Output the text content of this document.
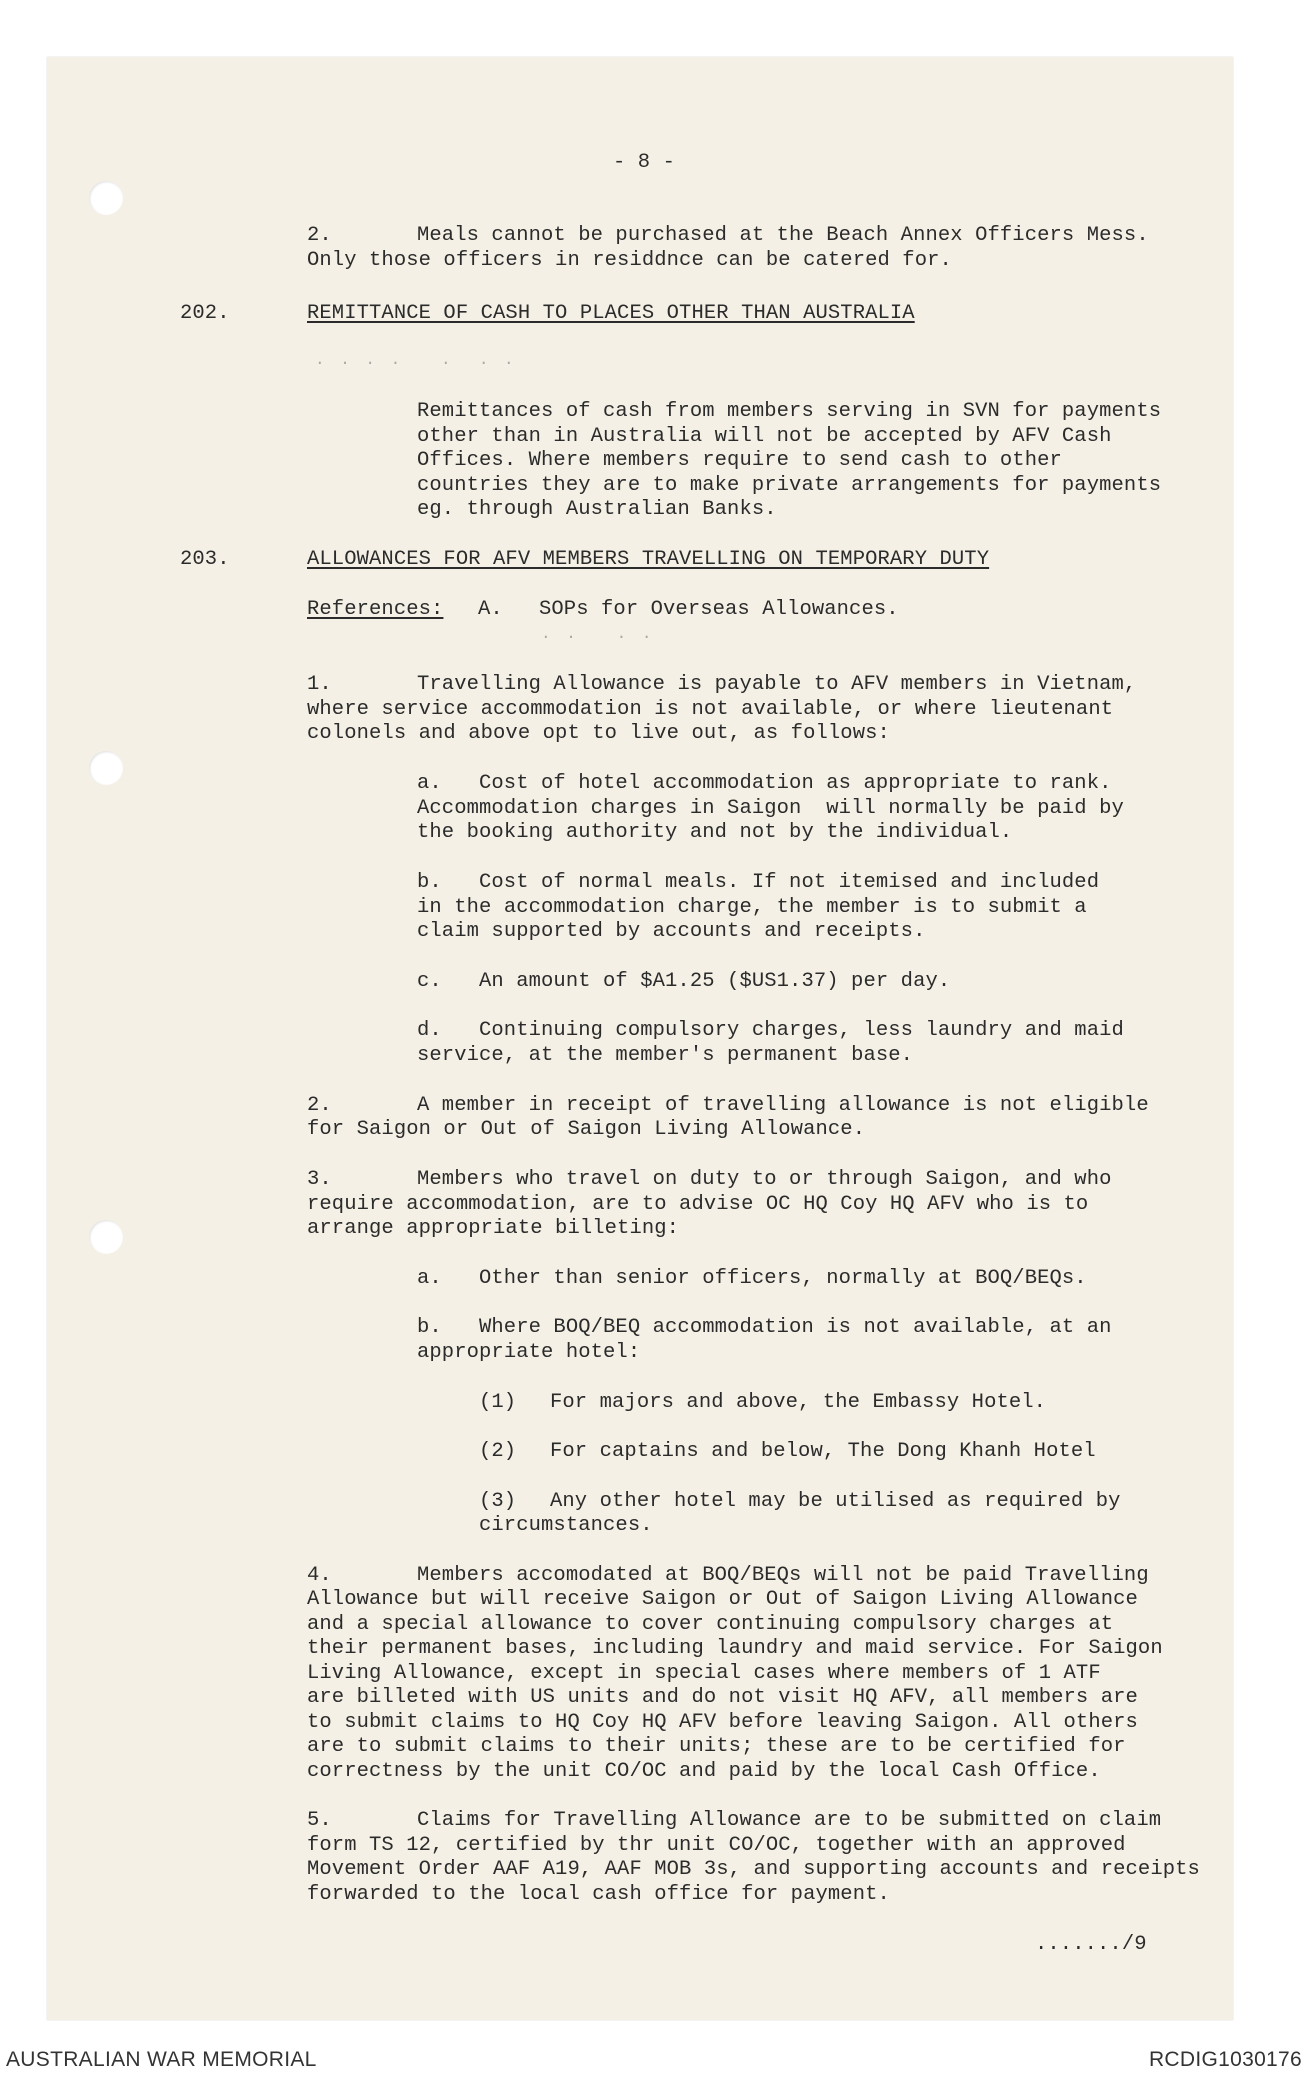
- 8 -
2.	Meals cannot be purchased at the Beach Annex Officers Mess.
Only those officers in residdnce can be catered for.
202.	REMITTANCE OF CASH TO PLACES OTHER THAN AUSTRALIA
. . . .   .  . .
Remittances of cash from members serving in SVN for payments
other than in Australia will not be accepted by AFV Cash
Offices. Where members require to send cash to other
countries they are to make private arrangements for payments
eg. through Australian Banks.
203.	ALLOWANCES FOR AFV MEMBERS TRAVELLING ON TEMPORARY DUTY
References: A. SOPs for Overseas Allowances.
. .   . .
1.	Travelling Allowance is payable to AFV members in Vietnam,
where service accommodation is not available, or where lieutenant
colonels and above opt to live out, as follows:
a. Cost of hotel accommodation as appropriate to rank.
Accommodation charges in Saigon  will normally be paid by
the booking authority and not by the individual.
b. Cost of normal meals. If not itemised and included
in the accommodation charge, the member is to submit a
claim supported by accounts and receipts.
c. An amount of $A1.25 ($US1.37) per day.
d. Continuing compulsory charges, less laundry and maid
service, at the member's permanent base.
2.	A member in receipt of travelling allowance is not eligible
for Saigon or Out of Saigon Living Allowance.
3.	Members who travel on duty to or through Saigon, and who
require accommodation, are to advise OC HQ Coy HQ AFV who is to
arrange appropriate billeting:
a. Other than senior officers, normally at BOQ/BEQs.
b. Where BOQ/BEQ accommodation is not available, at an
appropriate hotel:
(1) For majors and above, the Embassy Hotel.
(2) For captains and below, The Dong Khanh Hotel
(3) Any other hotel may be utilised as required by
circumstances.
4.	Members accomodated at BOQ/BEQs will not be paid Travelling
Allowance but will receive Saigon or Out of Saigon Living Allowance
and a special allowance to cover continuing compulsory charges at
their permanent bases, including laundry and maid service. For Saigon
Living Allowance, except in special cases where members of 1 ATF
are billeted with US units and do not visit HQ AFV, all members are
to submit claims to HQ Coy HQ AFV before leaving Saigon. All others
are to submit claims to their units; these are to be certified for
correctness by the unit CO/OC and paid by the local Cash Office.
5.	Claims for Travelling Allowance are to be submitted on claim
form TS 12, certified by thr unit CO/OC, together with an approved
Movement Order AAF A19, AAF MOB 3s, and supporting accounts and receipts
forwarded to the local cash office for payment.
......./9
AUSTRALIAN WAR MEMORIAL	RCDIG1030176
